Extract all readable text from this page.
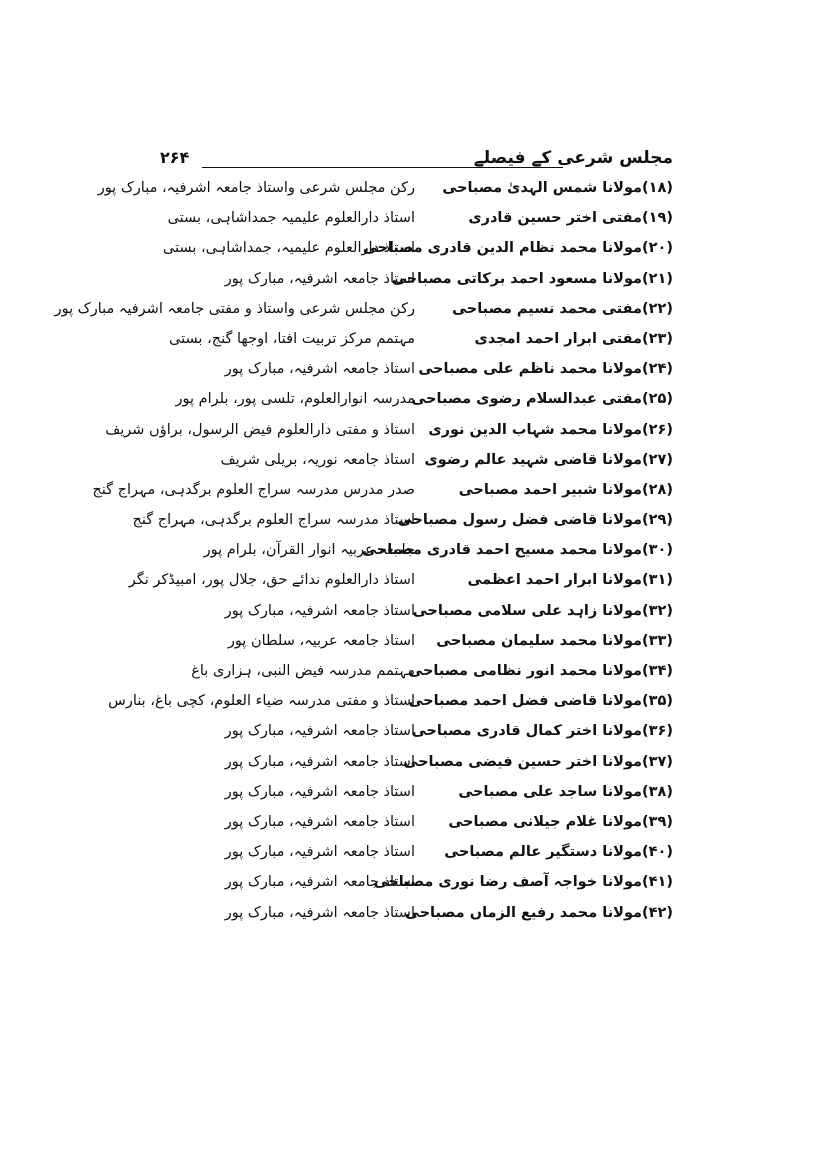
مجلس شرعی کے فیصلے
۲۶۴
(۱۸)مولانا شمس الہدیٰ مصباحی
رکن مجلس شرعی واستاذ جامعہ اشرفیہ، مبارک پور
(۱۹)مفتی اختر حسین قادری
استاذ دارالعلوم علیمیہ جمداشاہی، بستی
(۲۰)مولانا محمد نظام الدین قادری مصباحی
استاذ دارالعلوم علیمیہ، جمداشاہی، بستی
(۲۱)مولانا مسعود احمد برکاتی مصباحی
استاذ جامعہ اشرفیہ، مبارک پور
(۲۲)مفتی محمد نسیم مصباحی
رکن مجلس شرعی واستاذ و مفتی جامعہ اشرفیہ مبارک پور
(۲۳)مفتی ابرار احمد امجدی
مہتمم مرکز تربیت افتا، اوجھا گنج، بستی
(۲۴)مولانا محمد ناظم علی مصباحی
استاذ جامعہ اشرفیہ، مبارک پور
(۲۵)مفتی عبدالسلام رضوی مصباحی
مدرسہ انوارالعلوم، تلسی پور، بلرام پور
(۲۶)مولانا محمد شہاب الدین نوری
استاذ و مفتی دارالعلوم فیض الرسول، براؤں شریف
(۲۷)مولانا قاضی شہید عالم رضوی
استاذ جامعہ نوریہ، بریلی شریف
(۲۸)مولانا شبیر احمد مصباحی
صدر مدرس مدرسہ سراج العلوم برگدہی، مہراج گنج
(۲۹)مولانا قاضی فضل رسول مصباحی
استاذ مدرسہ سراج العلوم برگدہی، مہراج گنج
(۳۰)مولانا محمد مسیح احمد قادری مصباحی
جامعہ عربیہ انوار القرآن، بلرام پور
(۳۱)مولانا ابرار احمد اعظمی
استاذ دارالعلوم ندائے حق، جلال پور، امبیڈکر نگر
(۳۲)مولانا زاہد علی سلامی مصباحی
استاذ جامعہ اشرفیہ، مبارک پور
(۳۳)مولانا محمد سلیمان مصباحی
استاذ جامعہ عربیہ، سلطان پور
(۳۴)مولانا محمد انور نظامی مصباحی
مہتمم مدرسہ فیض النبی، ہزاری باغ
(۳۵)مولانا قاضی فضل احمد مصباحی
استاذ و مفتی مدرسہ ضیاء العلوم، کچی باغ، بنارس
(۳۶)مولانا اختر کمال قادری مصباحی
استاذ جامعہ اشرفیہ، مبارک پور
(۳۷)مولانا اختر حسین فیضی مصباحی
استاذ جامعہ اشرفیہ، مبارک پور
(۳۸)مولانا ساجد علی مصباحی
استاذ جامعہ اشرفیہ، مبارک پور
(۳۹)مولانا غلام جیلانی مصباحی
استاذ جامعہ اشرفیہ، مبارک پور
(۴۰)مولانا دستگیر عالم مصباحی
استاذ جامعہ اشرفیہ، مبارک پور
(۴۱)مولانا خواجہ آصف رضا نوری مصباحی
استاذ جامعہ اشرفیہ، مبارک پور
(۴۲)مولانا محمد رفیع الزماں مصباحی
استاذ جامعہ اشرفیہ، مبارک پور
